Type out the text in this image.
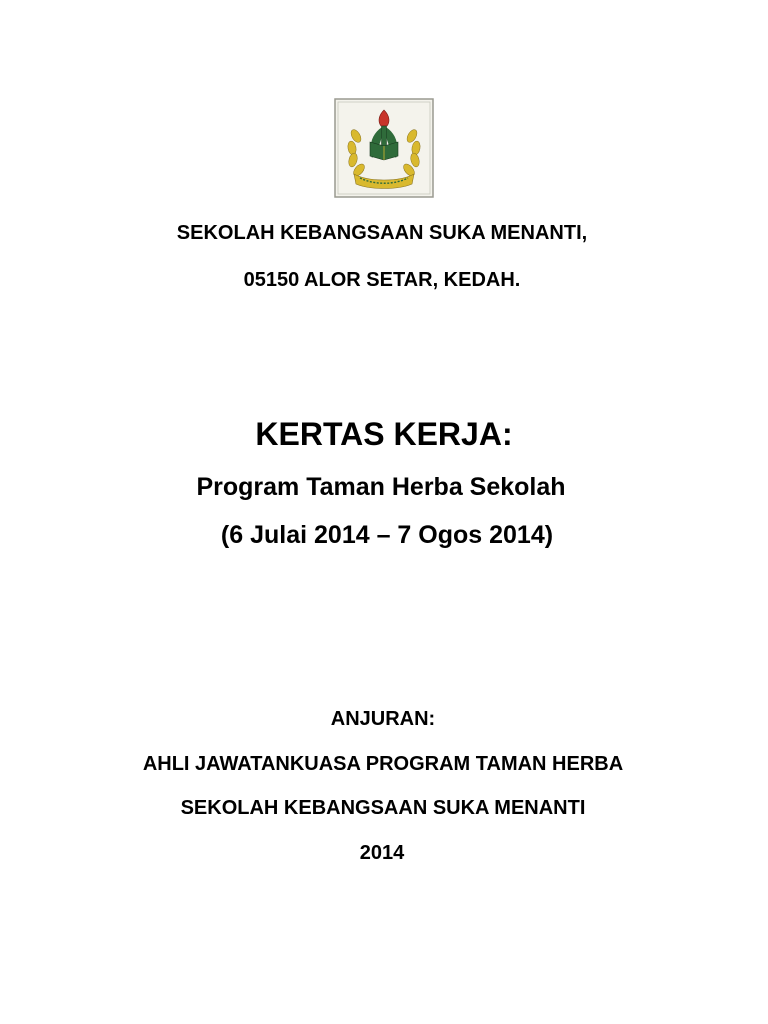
SEKOLAH KEBANGSAAN SUKA MENANTI,
05150 ALOR SETAR, KEDAH.
KERTAS KERJA:
Program Taman Herba Sekolah
(6 Julai 2014 – 7 Ogos 2014)
ANJURAN:
AHLI JAWATANKUASA PROGRAM TAMAN HERBA
SEKOLAH KEBANGSAAN SUKA MENANTI
2014
